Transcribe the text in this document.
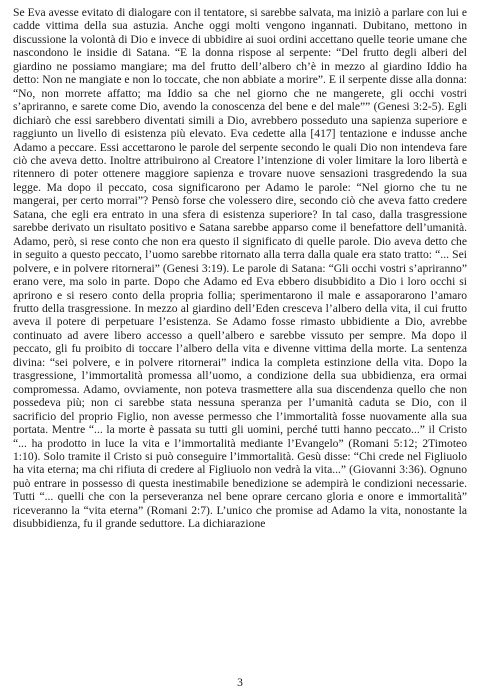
Se Eva avesse evitato di dialogare con il tentatore, si sarebbe salvata, ma iniziò a parlare con lui e cadde vittima della sua astuzia. Anche oggi molti vengono ingannati. Dubitano, mettono in discussione la volontà di Dio e invece di ubbidire ai suoi ordini accettano quelle teorie umane che nascondono le insidie di Satana. “E la donna rispose al serpente: “Del frutto degli alberi del giardino ne possiamo mangiare; ma del frutto dell’albero ch’è in mezzo al giardino Iddio ha detto: Non ne mangiate e non lo toccate, che non abbiate a morire”. E il serpente disse alla donna: “No, non morrete affatto; ma Iddio sa che nel giorno che ne mangerete, gli occhi vostri s’apriranno, e sarete come Dio, avendo la conoscenza del bene e del male”” (Genesi 3:2-5). Egli dichiarò che essi sarebbero diventati simili a Dio, avrebbero posseduto una sapienza superiore e raggiunto un livello di esistenza più elevato. Eva cedette alla [417] tentazione e indusse anche Adamo a peccare. Essi accettarono le parole del serpente secondo le quali Dio non intendeva fare ciò che aveva detto. Inoltre attribuirono al Creatore l’intenzione di voler limitare la loro libertà e ritennero di poter ottenere maggiore sapienza e trovare nuove sensazioni trasgredendo la sua legge. Ma dopo il peccato, cosa significarono per Adamo le parole: “Nel giorno che tu ne mangerai, per certo morrai”? Pensò forse che volessero dire, secondo ciò che aveva fatto credere Satana, che egli era entrato in una sfera di esistenza superiore? In tal caso, dalla trasgressione sarebbe derivato un risultato positivo e Satana sarebbe apparso come il benefattore dell’umanità. Adamo, però, si rese conto che non era questo il significato di quelle parole. Dio aveva detto che in seguito a questo peccato, l’uomo sarebbe ritornato alla terra dalla quale era stato tratto: “... Sei polvere, e in polvere ritornerai” (Genesi 3:19). Le parole di Satana: “Gli occhi vostri s’apriranno” erano vere, ma solo in parte. Dopo che Adamo ed Eva ebbero disubbidito a Dio i loro occhi si aprirono e si resero conto della propria follia; sperimentarono il male e assaporarono l’amaro frutto della trasgressione. In mezzo al giardino dell’Eden cresceva l’albero della vita, il cui frutto aveva il potere di perpetuare l’esistenza. Se Adamo fosse rimasto ubbidiente a Dio, avrebbe continuato ad avere libero accesso a quell’albero e sarebbe vissuto per sempre. Ma dopo il peccato, gli fu proibito di toccare l’albero della vita e divenne vittima della morte. La sentenza divina: “sei polvere, e in polvere ritornerai” indica la completa estinzione della vita. Dopo la trasgressione, l’immortalità promessa all’uomo, a condizione della sua ubbidienza, era ormai compromessa. Adamo, ovviamente, non poteva trasmettere alla sua discendenza quello che non possedeva più; non ci sarebbe stata nessuna speranza per l’umanità caduta se Dio, con il sacrificio del proprio Figlio, non avesse permesso che l’immortalità fosse nuovamente alla sua portata. Mentre “... la morte è passata su tutti gli uomini, perché tutti hanno peccato...” il Cristo “... ha prodotto in luce la vita e l’immortalità mediante l’Evangelo” (Romani 5:12; 2Timoteo 1:10). Solo tramite il Cristo si può conseguire l’immortalità. Gesù disse: “Chi crede nel Figliuolo ha vita eterna; ma chi rifiuta di credere al Figliuolo non vedrà la vita...” (Giovanni 3:36). Ognuno può entrare in possesso di questa inestimabile benedizione se adempirà le condizioni necessarie. Tutti “... quelli che con la perseveranza nel bene oprare cercano gloria e onore e immortalità” riceveranno la “vita eterna” (Romani 2:7). L’unico che promise ad Adamo la vita, nonostante la disubbidienza, fu il grande seduttore. La dichiarazione

3
